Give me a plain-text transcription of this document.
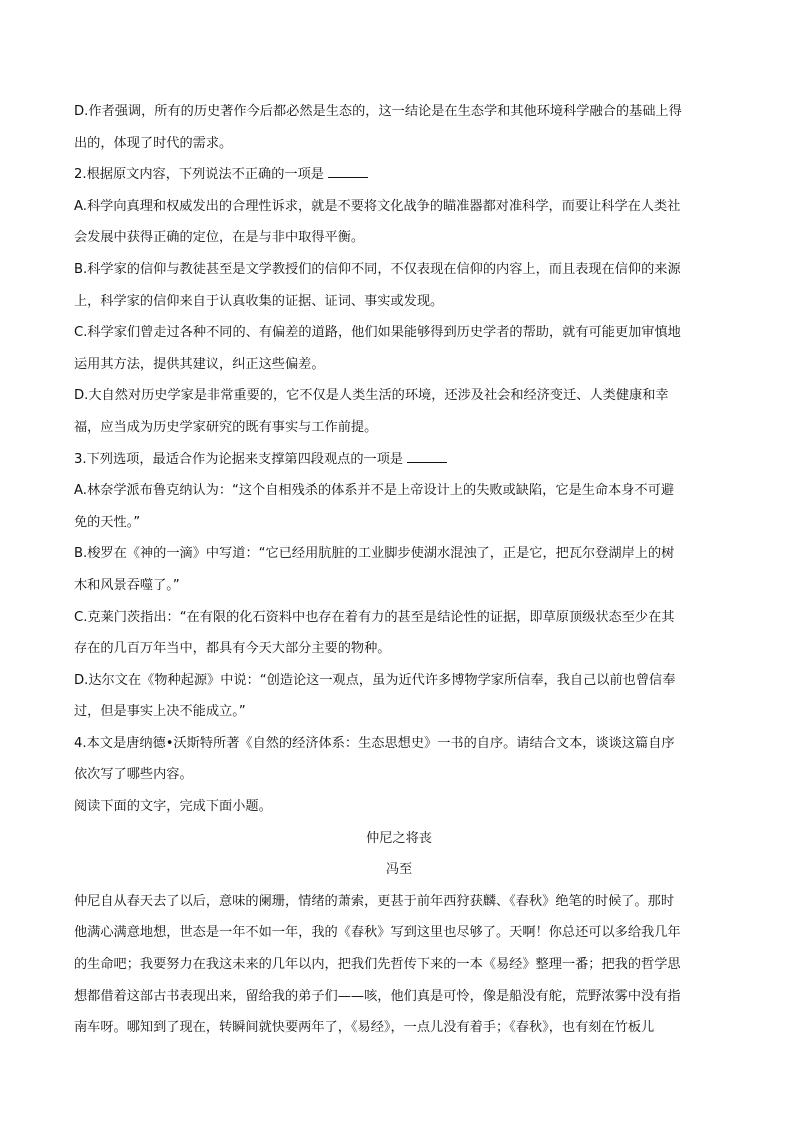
D.作者强调，所有的历史著作今后都必然是生态的，这一结论是在生态学和其他环境科学融合的基础上得
出的，体现了时代的需求。
2.根据原文内容，下列说法不正确的一项是
A.科学向真理和权威发出的合理性诉求，就是不要将文化战争的瞄准器都对准科学，而要让科学在人类社
会发展中获得正确的定位，在是与非中取得平衡。
B.科学家的信仰与教徒甚至是文学教授们的信仰不同，不仅表现在信仰的内容上，而且表现在信仰的来源
上，科学家的信仰来自于认真收集的证据、证词、事实或发现。
C.科学家们曾走过各种不同的、有偏差的道路，他们如果能够得到历史学者的帮助，就有可能更加审慎地
运用其方法，提供其建议，纠正这些偏差。
D.大自然对历史学家是非常重要的，它不仅是人类生活的环境，还涉及社会和经济变迁、人类健康和幸
福，应当成为历史学家研究的既有事实与工作前提。
3.下列选项，最适合作为论据来支撑第四段观点的一项是
A.林奈学派布鲁克纳认为：“这个自相残杀的体系并不是上帝设计上的失败或缺陷，它是生命本身不可避
免的天性。”
B.梭罗在《神的一滴》中写道：“它已经用肮脏的工业脚步使湖水混浊了，正是它，把瓦尔登湖岸上的树
木和风景吞噬了。”
C.克莱门茨指出：“在有限的化石资料中也存在着有力的甚至是结论性的证据，即草原顶级状态至少在其
存在的几百万年当中，都具有今天大部分主要的物种。
D.达尔文在《物种起源》中说：“创造论这一观点，虽为近代许多博物学家所信奉，我自己以前也曾信奉
过，但是事实上决不能成立。”
4.本文是唐纳德•沃斯特所著《自然的经济体系：生态思想史》一书的自序。请结合文本，谈谈这篇自序
依次写了哪些内容。
阅读下面的文字，完成下面小题。
仲尼之将丧
冯至
仲尼自从春天去了以后，意味的阑珊，情绪的萧索，更甚于前年西狩获麟、《春秋》绝笔的时候了。那时
他满心满意地想，世态是一年不如一年，我的《春秋》写到这里也尽够了。天啊！你总还可以多给我几年
的生命吧；我要努力在我这未来的几年以内，把我们先哲传下来的一本《易经》整理一番；把我的哲学思
想都借着这部古书表现出来，留给我的弟子们——咳，他们真是可怜，像是船没有舵，荒野浓雾中没有指
南车呀。哪知到了现在，转瞬间就快要两年了，《易经》，一点儿没有着手；《春秋》，也有刻在竹板儿
